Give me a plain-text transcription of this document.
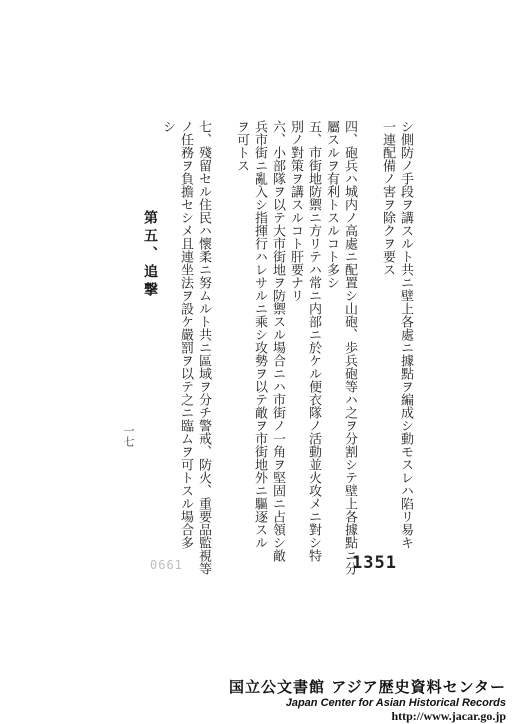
シ側防ノ手段ヲ講スルト共ニ壁上各處ニ據點ヲ編成シ動モスレハ陷リ易キ
一連配備ノ害ヲ除クヲ要ス
四、砲兵ハ城内ノ高處ニ配置シ山砲、歩兵砲等ハ之ヲ分割シテ壁上各據點ニ分
屬スルヲ有利トスルコト多シ
五、市街地防禦ニ方リテハ常ニ内部ニ於ケル便衣隊ノ活動並火攻メニ對シ特
別ノ對策ヲ講スルコト肝要ナリ
六、小部隊ヲ以テ大市街地ヲ防禦スル場合ニハ市街ノ一角ヲ堅固ニ占領シ敵
兵市街ニ亂入シ指揮行ハレサルニ乘シ攻勢ヲ以テ敵ヲ市街地外ニ驅逐スル
ヲ可トス
七、殘留セル住民ハ懷柔ニ努ムルト共ニ區域ヲ分チ警戒、防火、重要品監視等
ノ任務ヲ負擔セシメ且連坐法ヲ設ケ嚴罰ヲ以テ之ニ臨ムヲ可トスル場合多
シ
第五、追撃
一七
0661	1351
国立公文書館 アジア歴史資料センター
Japan Center for Asian Historical Records
http://www.jacar.go.jp
